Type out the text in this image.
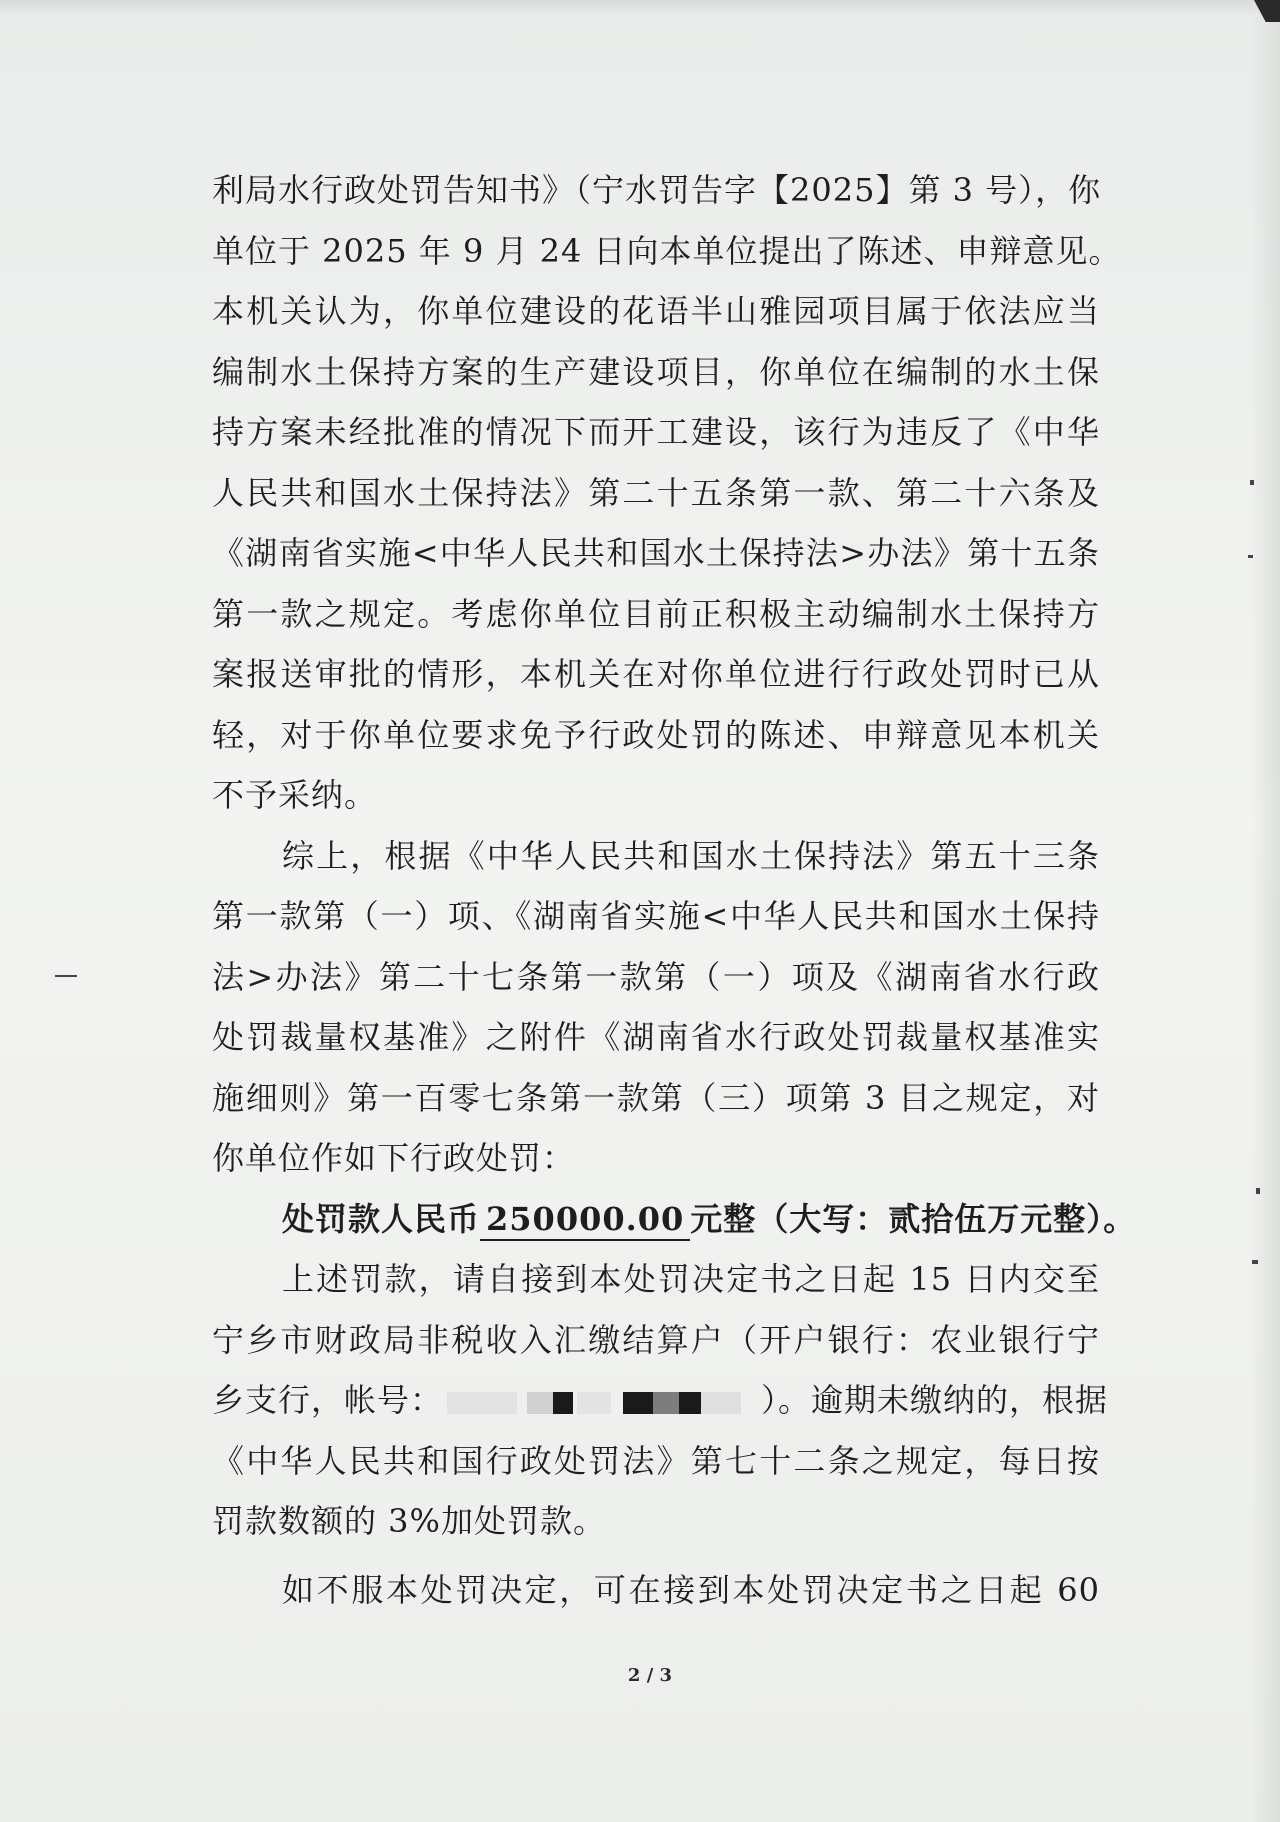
利局水行政处罚告知书》（宁水罚告字【2025】第 3 号），你
单位于 2025 年 9 月 24 日向本单位提出了陈述、申辩意见。
本机关认为，你单位建设的花语半山雅园项目属于依法应当
编制水土保持方案的生产建设项目，你单位在编制的水土保
持方案未经批准的情况下而开工建设，该行为违反了《中华
人民共和国水土保持法》第二十五条第一款、第二十六条及
《湖南省实施<中华人民共和国水土保持法>办法》第十五条
第一款之规定。考虑你单位目前正积极主动编制水土保持方
案报送审批的情形，本机关在对你单位进行行政处罚时已从
轻，对于你单位要求免予行政处罚的陈述、申辩意见本机关
不予采纳。
综上，根据《中华人民共和国水土保持法》第五十三条
第一款第（一）项、《湖南省实施<中华人民共和国水土保持
法>办法》第二十七条第一款第（一）项及《湖南省水行政
处罚裁量权基准》之附件《湖南省水行政处罚裁量权基准实
施细则》第一百零七条第一款第（三）项第 3 目之规定，对
你单位作如下行政处罚：
处罚款人民币 250000.00 元整（大写：贰拾伍万元整）。
上述罚款，请自接到本处罚决定书之日起 15 日内交至
宁乡市财政局非税收入汇缴结算户（开户银行：农业银行宁
乡支行，帐号：	）。逾期未缴纳的，根据
《中华人民共和国行政处罚法》第七十二条之规定，每日按
罚款数额的 3%加处罚款。
如不服本处罚决定，可在接到本处罚决定书之日起 60
2 / 3
